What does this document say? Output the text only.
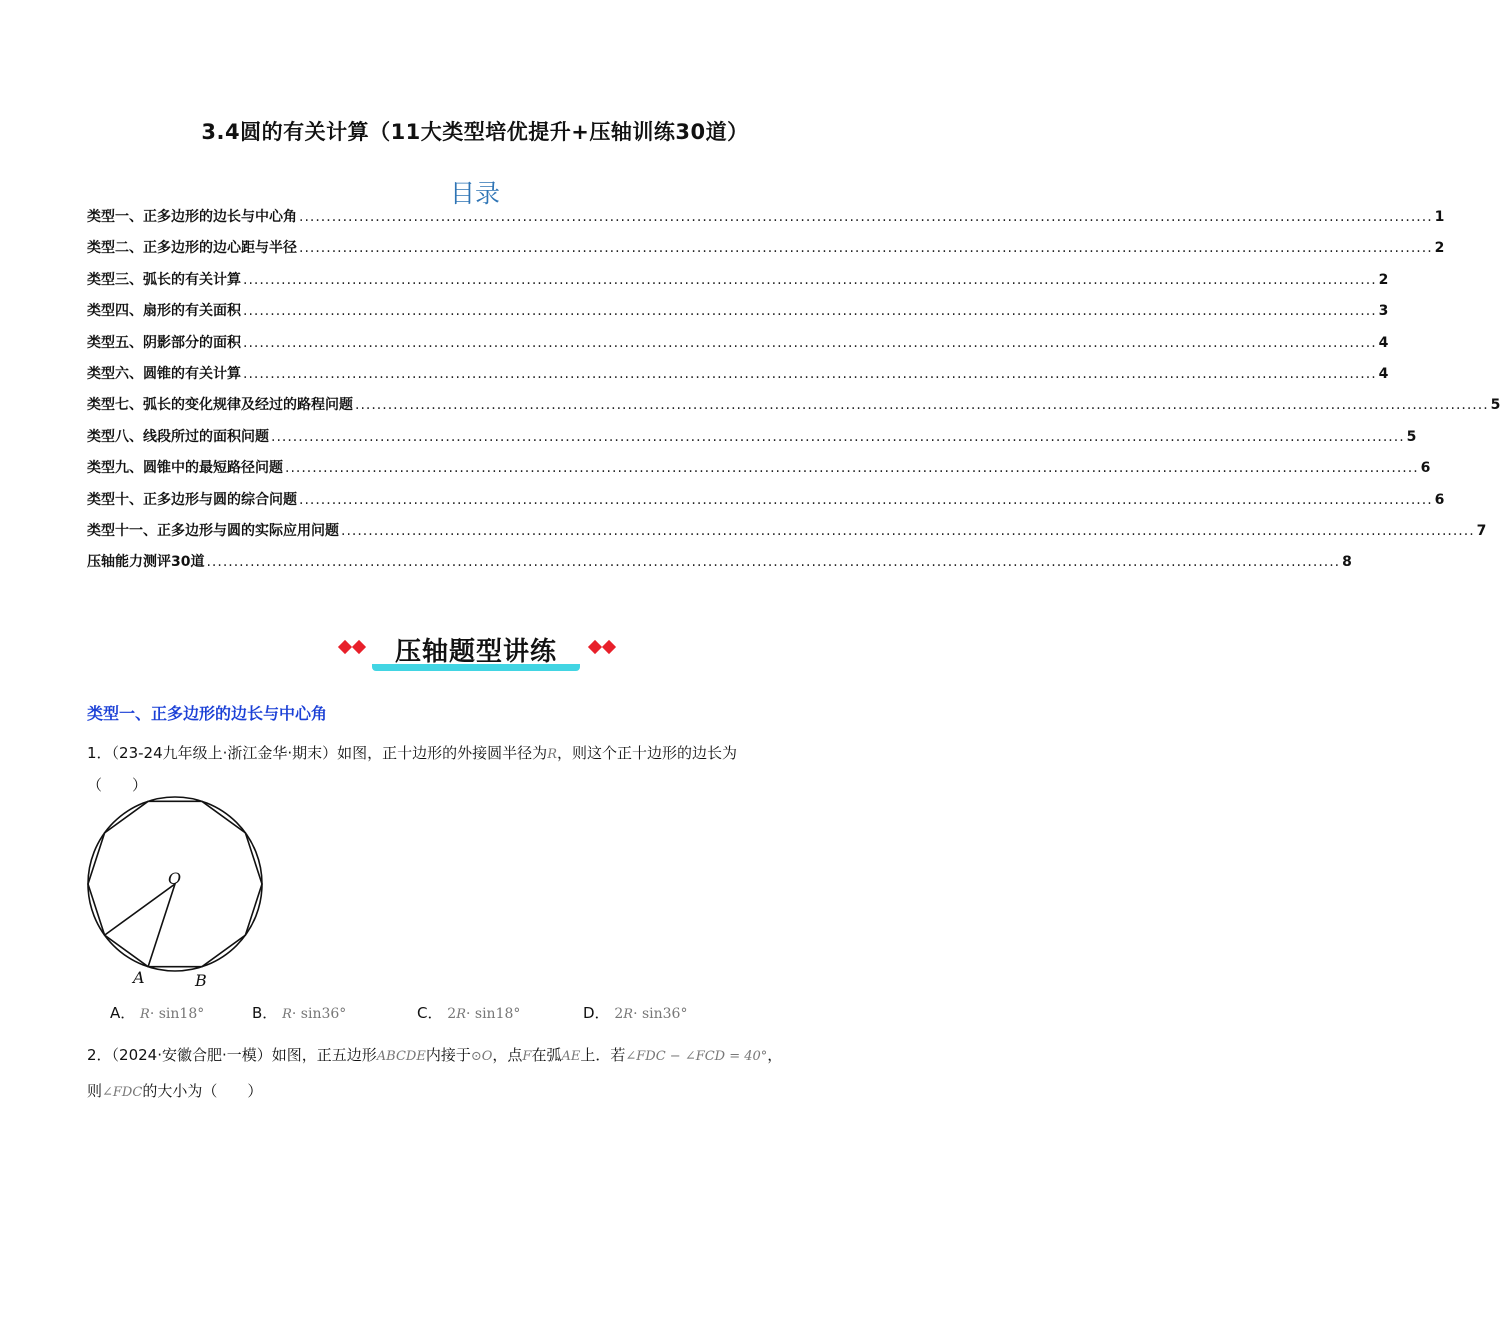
3.4圆的有关计算（11大类型培优提升+压轴训练30道）
目录
类型一、正多边形的边长与中心角 ................................................................................................................................................................................................................ 1
类型二、正多边形的边心距与半径 ................................................................................................................................................................................................................ 2
类型三、弧长的有关计算 ................................................................................................................................................................................................................ 2
类型四、扇形的有关面积 ................................................................................................................................................................................................................ 3
类型五、阴影部分的面积 ................................................................................................................................................................................................................ 4
类型六、圆锥的有关计算 ................................................................................................................................................................................................................ 4
类型七、弧长的变化规律及经过的路程问题 ................................................................................................................................................................................................................ 5
类型八、线段所过的面积问题 ................................................................................................................................................................................................................ 5
类型九、圆锥中的最短路径问题 ................................................................................................................................................................................................................ 6
类型十、正多边形与圆的综合问题 ................................................................................................................................................................................................................ 6
类型十一、正多边形与圆的实际应用问题 ................................................................................................................................................................................................................ 7
压轴能力测评30道 ................................................................................................................................................................................................................ 8
压轴题型讲练
类型一、正多边形的边长与中心角
1．（23-24九年级上·浙江金华·期末）如图，正十边形的外接圆半径为R，则这个正十边形的边长为
（　　）
O
A	B
A． R· sin18°	B． R· sin36°	C． 2R· sin18°	D． 2R· sin36°
2．（2024·安徽合肥·一模）如图，正五边形ABCDE内接于⊙O，点F在弧AE上．若∠FDC − ∠FCD = 40°，
则∠FDC的大小为（　　）
